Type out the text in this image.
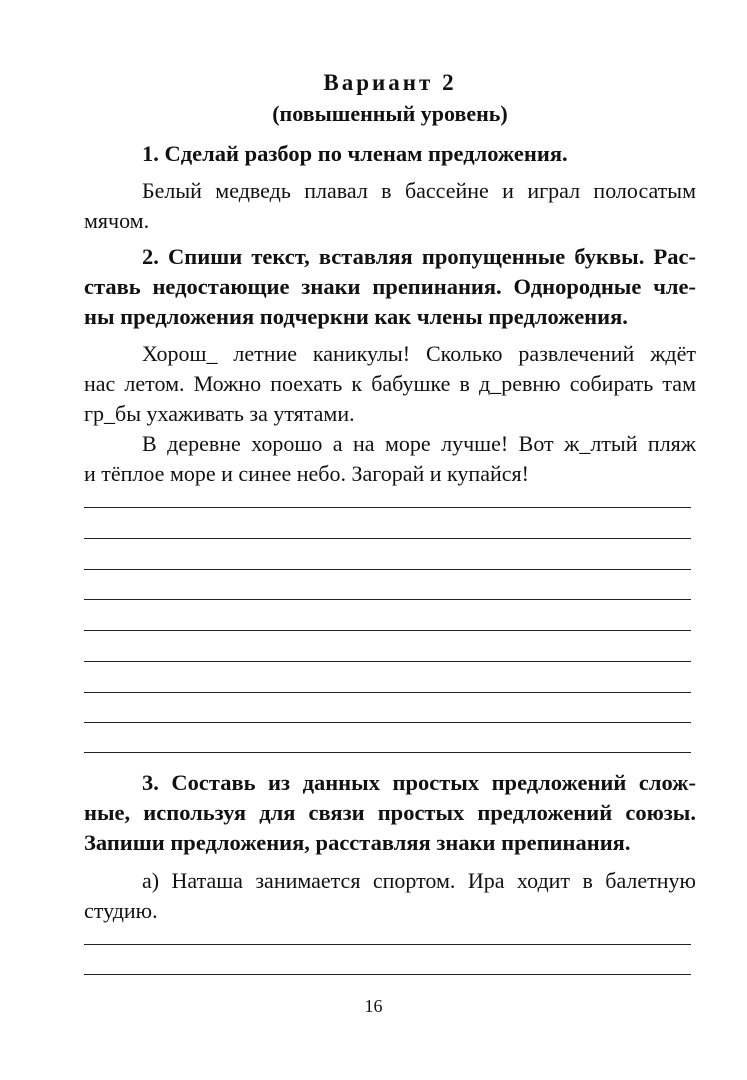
Вариант 2
(повышенный уровень)
1. Сделай разбор по членам предложения.
Белый медведь плавал в бассейне и играл полосатым
мячом.
2. Спиши текст, вставляя пропущенные буквы. Рас-
ставь недостающие знаки препинания. Однородные чле-
ны предложения подчеркни как члены предложения.
Хорош_ летние каникулы! Сколько развлечений ждёт
нас летом. Можно поехать к бабушке в д_ревню собирать там
гр_бы ухаживать за утятами.
В деревне хорошо а на море лучше! Вот ж_лтый пляж
и тёплое море и синее небо. Загорай и купайся!
3. Составь из данных простых предложений слож-
ные, используя для связи простых предложений союзы.
Запиши предложения, расставляя знаки препинания.
а) Наташа занимается спортом. Ира ходит в балетную
студию.
16
